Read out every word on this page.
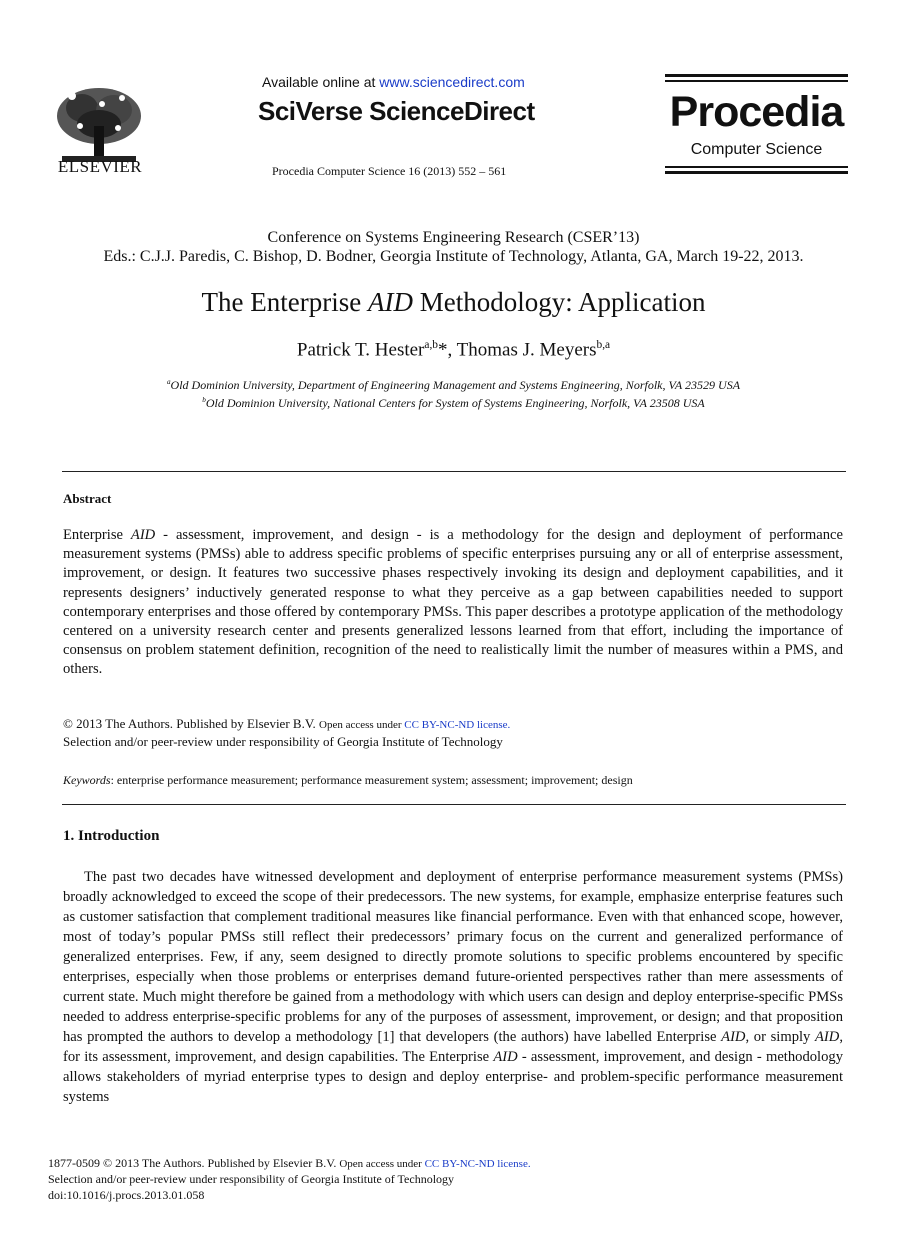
ELSEVIER
Available online at www.sciencedirect.com
SciVerse ScienceDirect
Procedia Computer Science 16 (2013) 552 – 561
Procedia
Computer Science
Conference on Systems Engineering Research (CSER’13)
Eds.: C.J.J. Paredis, C. Bishop, D. Bodner, Georgia Institute of Technology, Atlanta, GA, March 19-22, 2013.
The Enterprise AID Methodology: Application
Patrick T. Hester$^{a,b}$*, Thomas J. Meyers$^{b,a}$
$^a$Old Dominion University, Department of Engineering Management and Systems Engineering, Norfolk, VA 23529 USA
$^b$Old Dominion University, National Centers for System of Systems Engineering, Norfolk, VA 23508 USA
Abstract
Enterprise AID - assessment, improvement, and design - is a methodology for the design and deployment of performance measurement systems (PMSs) able to address specific problems of specific enterprises pursuing any or all of enterprise assessment, improvement, or design. It features two successive phases respectively invoking its design and deployment capabilities, and it represents designers’ inductively generated response to what they perceive as a gap between capabilities needed to support contemporary enterprises and those offered by contemporary PMSs. This paper describes a prototype application of the methodology centered on a university research center and presents generalized lessons learned from that effort, including the importance of consensus on problem statement definition, recognition of the need to realistically limit the number of measures within a PMS, and others.
© 2013 The Authors. Published by Elsevier B.V. Open access under CC BY-NC-ND license.
Selection and/or peer-review under responsibility of Georgia Institute of Technology
Keywords: enterprise performance measurement; performance measurement system; assessment; improvement; design
1. Introduction
The past two decades have witnessed development and deployment of enterprise performance measurement systems (PMSs) broadly acknowledged to exceed the scope of their predecessors. The new systems, for example, emphasize enterprise features such as customer satisfaction that complement traditional measures like financial performance. Even with that enhanced scope, however, most of today’s popular PMSs still reflect their predecessors’ primary focus on the current and generalized performance of generalized enterprises. Few, if any, seem designed to directly promote solutions to specific problems encountered by specific enterprises, especially when those problems or enterprises demand future-oriented perspectives rather than mere assessments of current state. Much might therefore be gained from a methodology with which users can design and deploy enterprise-specific PMSs needed to address enterprise-specific problems for any of the purposes of assessment, improvement, or design; and that proposition has prompted the authors to develop a methodology [1] that developers (the authors) have labelled Enterprise AID, or simply AID, for its assessment, improvement, and design capabilities. The Enterprise AID - assessment, improvement, and design - methodology allows stakeholders of myriad enterprise types to design and deploy enterprise- and problem-specific performance measurement systems
1877-0509 © 2013 The Authors. Published by Elsevier B.V. Open access under CC BY-NC-ND license.
Selection and/or peer-review under responsibility of Georgia Institute of Technology
doi:10.1016/j.procs.2013.01.058
